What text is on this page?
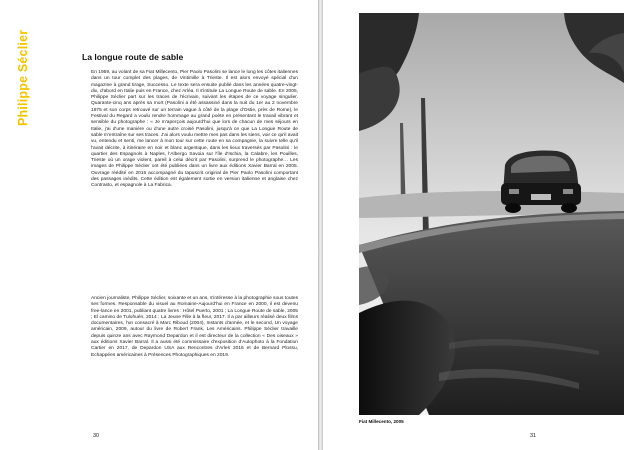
Philippe Séclier	La longue route de sable

En 1959, au volant de sa Fiat Millecento, Pier Paolo Pasolini se lance le long les côtes italiennes dans un tour complet des plages, de Vintimille à Trieste. Il est alors envoyé spécial d'un magazine à grand tirage, Successo. Le texte sera ensuite publié dans les années quatre-vingt-dix, d'abord en Italie puis en France, chez Arléa. Il s'intitule La Longue Route de sable. En 2005, Philippe Séclier part sur les traces de l'écrivain, suivant les étapes de ce voyage singulier. Quarante-cinq ans après sa mort (Pasolini a été assassiné dans la nuit du 1er au 2 novembre 1975 et son corps retrouvé sur un terrain vague à côté de la plage d'Ostie, près de Rome), le Festival du Regard a voulu rendre hommage au grand poète en présentant le travail vibrant et sensible du photographe : « Je m'aperçois aujourd'hui que lors de chacun de mes séjours en Italie, j'ai d'une manière ou d'une autre croisé Pasolini, jusqu'à ce que La Longue Route de sable m'entraîne sur ses traces. J'ai alors voulu mettre mes pas dans les siens, voir ce qu'il avait vu, entendu et senti, me lancer à mon tour sur cette route en sa compagnie, la suivre telle qu'il l'avait décrite, à itinéraire en noir et blanc argentique, dans les lieux traversés par Pasolini : le quartier des Espagnols à Naples, l'Albergo Savoia sur l'île d'Ischia, la Calabre, les Pouilles, Trieste où un orage violent, pareil à celui décrit par Pasolini, surprend le photographe… Les images de Philippe Séclier ont été publiées dans un livre aux éditions Xavier Barral en 2005. Ouvrage réédité en 2015 accompagné du tapuscrit original de Pier Paolo Pasolini comportant des passages inédits. Cette édition est également sortie en version italienne et anglaise chez Contrasto, et espagnole à La Fabrica.

Ancien journaliste, Philippe Séclier, soixante et un ans, s'intéresse à la photographie sous toutes ses formes. Responsable du visuel au Romaine-Aujourd'hui en France en 2000, il est devenu free-lance en 2001, publiant quatre livres : Hôtel Puerto, 2001 ; La Longue Route de sable, 2005 ; El camino de Tulohuén, 2014 ; La Jeune Fille à la fleur, 2017. Il a par ailleurs réalisé deux films documentaires, l'un consacré à Marc Riboud (2004), Instants d'année, et le second, Un voyage américain, 2009, autour du livre de Robert Frank, Les Américains. Philippe Séclier travaille depuis quinze ans avec Raymond Depardon et il est directeur de la collection « Des oiseaux » aux éditions Xavier Barral. Il a aussi été commissaire d'exposition d'Autophoto à la Fondation Cartier en 2017, de Depardon USA aux Rencontres d'Arles 2016 et de Bernard Plossu, Echappées américaines à Présences Photographiques en 2019.

30
Fiat Millecento, 2005
31
